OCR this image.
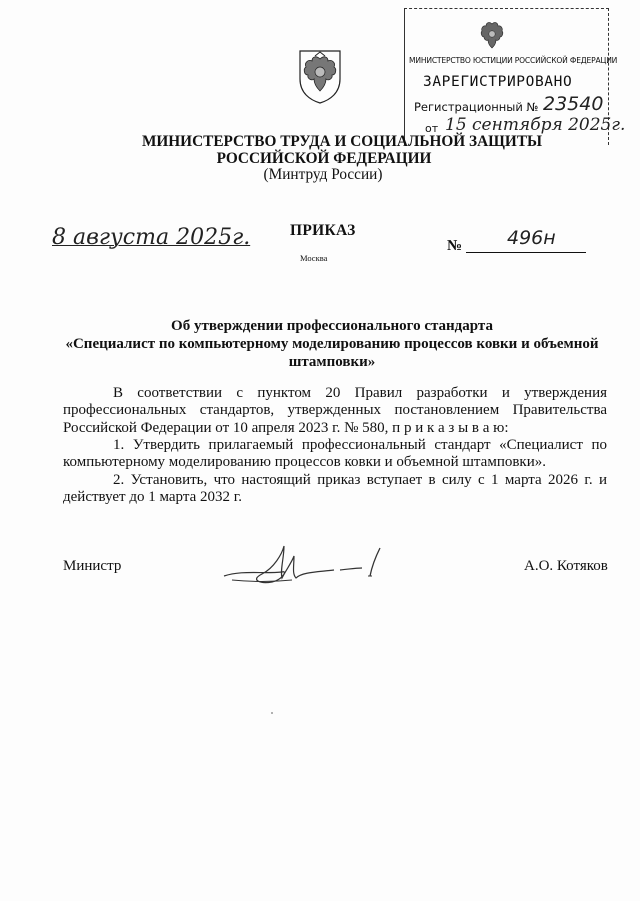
МИНИСТЕРСТВО ЮСТИЦИИ РОССИЙСКОЙ ФЕДЕРАЦИИ
ЗАРЕГИСТРИРОВАНО
Регистрационный № 23540
от 15 сентября 2025г.
МИНИСТЕРСТВО ТРУДА И СОЦИАЛЬНОЙ ЗАЩИТЫ
РОССИЙСКОЙ ФЕДЕРАЦИИ
(Минтруд России)
8 августа 2025г.	ПРИКАЗ
Москва
№ 496н
Об утверждении профессионального стандарта
«Специалист по компьютерному моделированию процессов ковки и объемной
штамповки»
В соответствии с пунктом 20 Правил разработки и утверждения профессиональных стандартов, утвержденных постановлением Правительства Российской Федерации от 10 апреля 2023 г. № 580, п р и к а з ы в а ю:
1. Утвердить прилагаемый профессиональный стандарт «Специалист по компьютерному моделированию процессов ковки и объемной штамповки».
2. Установить, что настоящий приказ вступает в силу с 1 марта 2026 г. и действует до 1 марта 2032 г.
Министр	А.О. Котяков
